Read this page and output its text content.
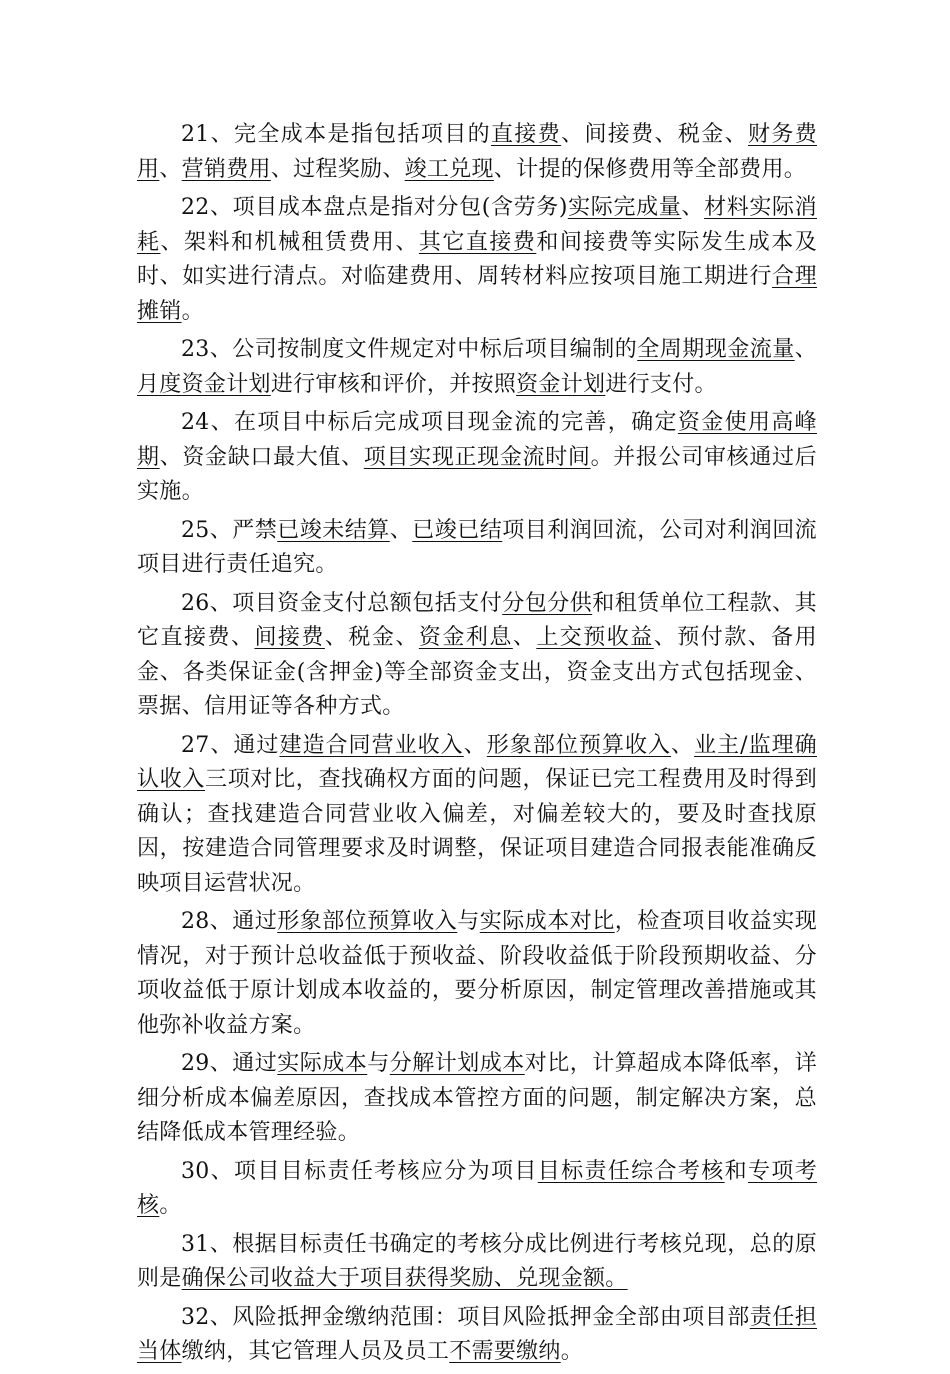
21、完全成本是指包括项目的直接费、间接费、税金、财务费用、营销费用、过程奖励、竣工兑现、计提的保修费用等全部费用。

22、项目成本盘点是指对分包(含劳务)实际完成量、材料实际消耗、架料和机械租赁费用、其它直接费和间接费等实际发生成本及时、如实进行清点。对临建费用、周转材料应按项目施工期进行合理摊销。

23、公司按制度文件规定对中标后项目编制的全周期现金流量、月度资金计划进行审核和评价，并按照资金计划进行支付。

24、在项目中标后完成项目现金流的完善，确定资金使用高峰期、资金缺口最大值、项目实现正现金流时间。并报公司审核通过后实施。

25、严禁已竣未结算、已竣已结项目利润回流，公司对利润回流项目进行责任追究。

26、项目资金支付总额包括支付分包分供和租赁单位工程款、其它直接费、间接费、税金、资金利息、上交预收益、预付款、备用金、各类保证金(含押金)等全部资金支出，资金支出方式包括现金、票据、信用证等各种方式。

27、通过建造合同营业收入、形象部位预算收入、业主/监理确认收入三项对比，查找确权方面的问题，保证已完工程费用及时得到确认；查找建造合同营业收入偏差，对偏差较大的，要及时查找原因，按建造合同管理要求及时调整，保证项目建造合同报表能准确反映项目运营状况。

28、通过形象部位预算收入与实际成本对比，检查项目收益实现情况，对于预计总收益低于预收益、阶段收益低于阶段预期收益、分项收益低于原计划成本收益的，要分析原因，制定管理改善措施或其他弥补收益方案。

29、通过实际成本与分解计划成本对比，计算超成本降低率，详细分析成本偏差原因，查找成本管控方面的问题，制定解决方案，总结降低成本管理经验。

30、项目目标责任考核应分为项目目标责任综合考核和专项考核。

31、根据目标责任书确定的考核分成比例进行考核兑现，总的原则是确保公司收益大于项目获得奖励、兑现金额。

32、风险抵押金缴纳范围：项目风险抵押金全部由项目部责任担当体缴纳，其它管理人员及员工不需要缴纳。
